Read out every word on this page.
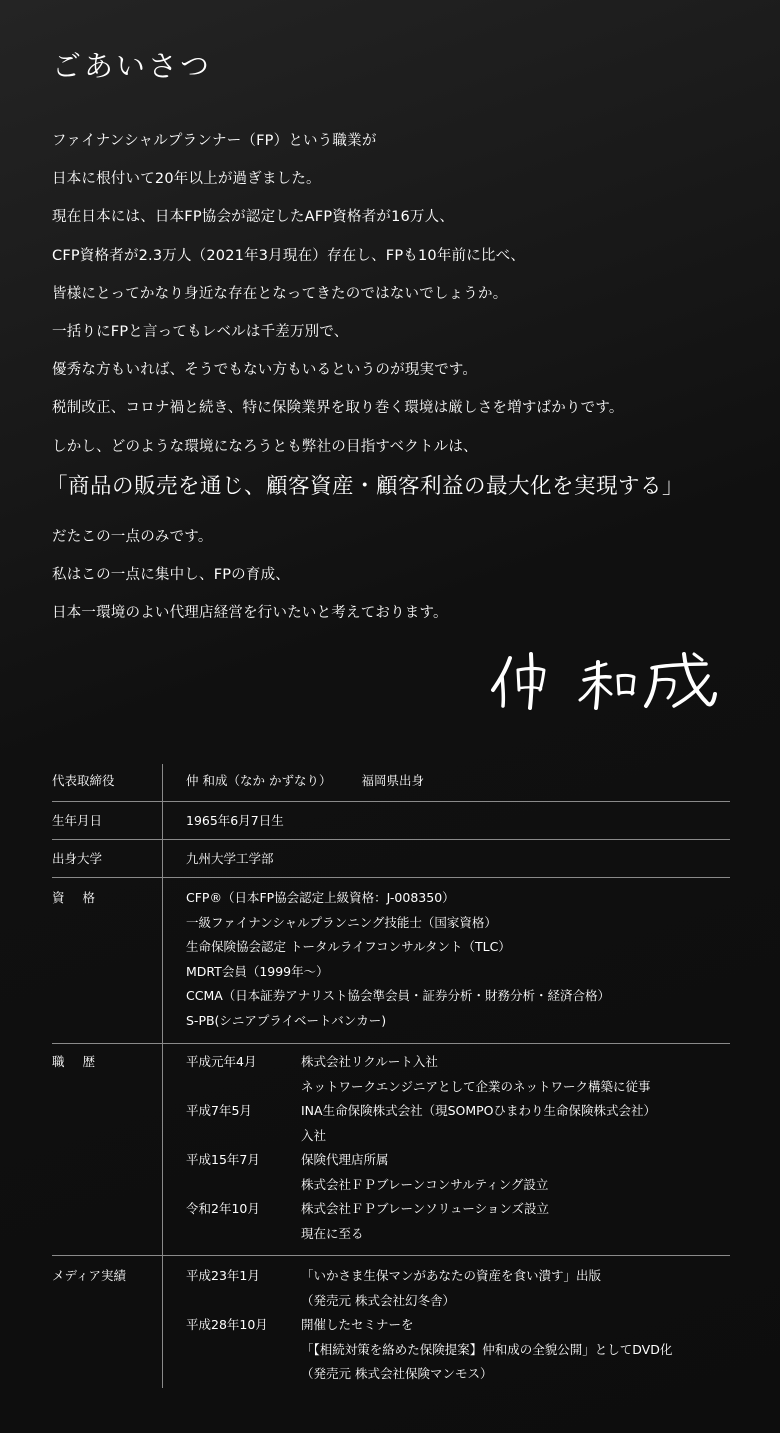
ごあいさつ
ファイナンシャルプランナー（FP）という職業が
日本に根付いて20年以上が過ぎました。
現在日本には、日本FP協会が認定したAFP資格者が16万人、
CFP資格者が2.3万人（2021年3月現在）存在し、FPも10年前に比べ、
皆様にとってかなり身近な存在となってきたのではないでしょうか。
一括りにFPと言ってもレベルは千差万別で、
優秀な方もいれば、そうでもない方もいるというのが現実です。
税制改正、コロナ禍と続き、特に保険業界を取り巻く環境は厳しさを増すばかりです。
しかし、どのような環境になろうとも弊社の目指すベクトルは、
「商品の販売を通じ、顧客資産・顧客利益の最大化を実現する」
だたこの一点のみです。
私はこの一点に集中し、FPの育成、
日本一環境のよい代理店経営を行いたいと考えております。
代表取締役	仲 和成（なか かずなり） 福岡県出身
生年月日	1965年6月7日生
出身大学	九州大学工学部
資格	CFP®（日本FP協会認定上級資格：J-008350）
一級ファイナンシャルプランニング技能士（国家資格）
生命保険協会認定 トータルライフコンサルタント（TLC）
MDRT会員（1999年～）
CCMA（日本証券アナリスト協会準会員・証券分析・財務分析・経済合格）
S-PB(シニアプライベートバンカー)
職歴	平成元年4月	株式会社リクルート入社
ネットワークエンジニアとして企業のネットワーク構築に従事
平成7年5月	INA生命保険株式会社（現SOMPOひまわり生命保険株式会社）
入社
平成15年7月	保険代理店所属
株式会社ＦＰブレーンコンサルティング設立
令和2年10月	株式会社ＦＰブレーンソリューションズ設立
現在に至る
メディア実績	平成23年1月	「いかさま生保マンがあなたの資産を食い潰す」出版
（発売元 株式会社幻冬舎）
平成28年10月	開催したセミナーを
「【相続対策を絡めた保険提案】仲和成の全貌公開」としてDVD化
（発売元 株式会社保険マンモス）
